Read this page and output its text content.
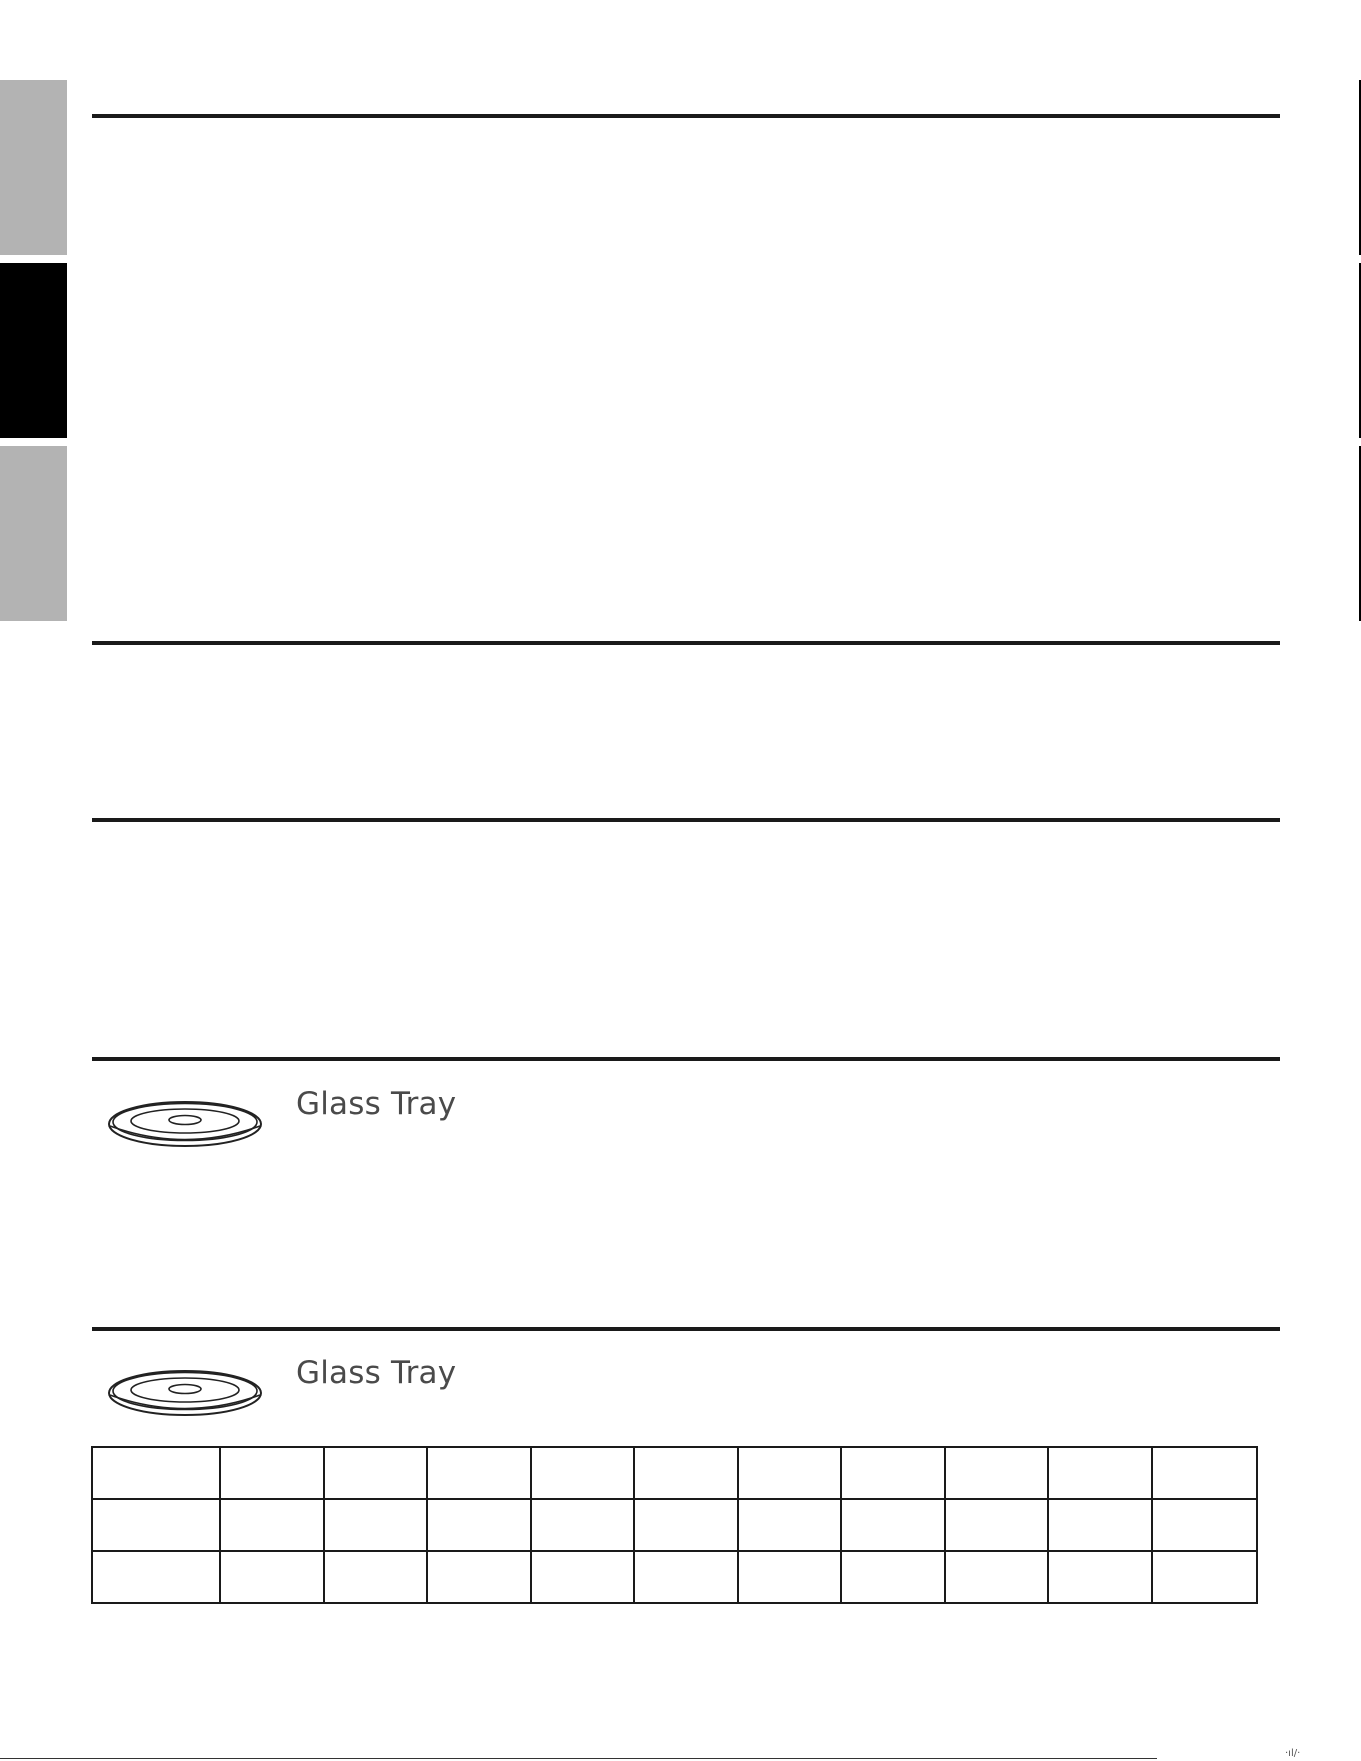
Glass Tray
Glass Tray

·ıl/·
